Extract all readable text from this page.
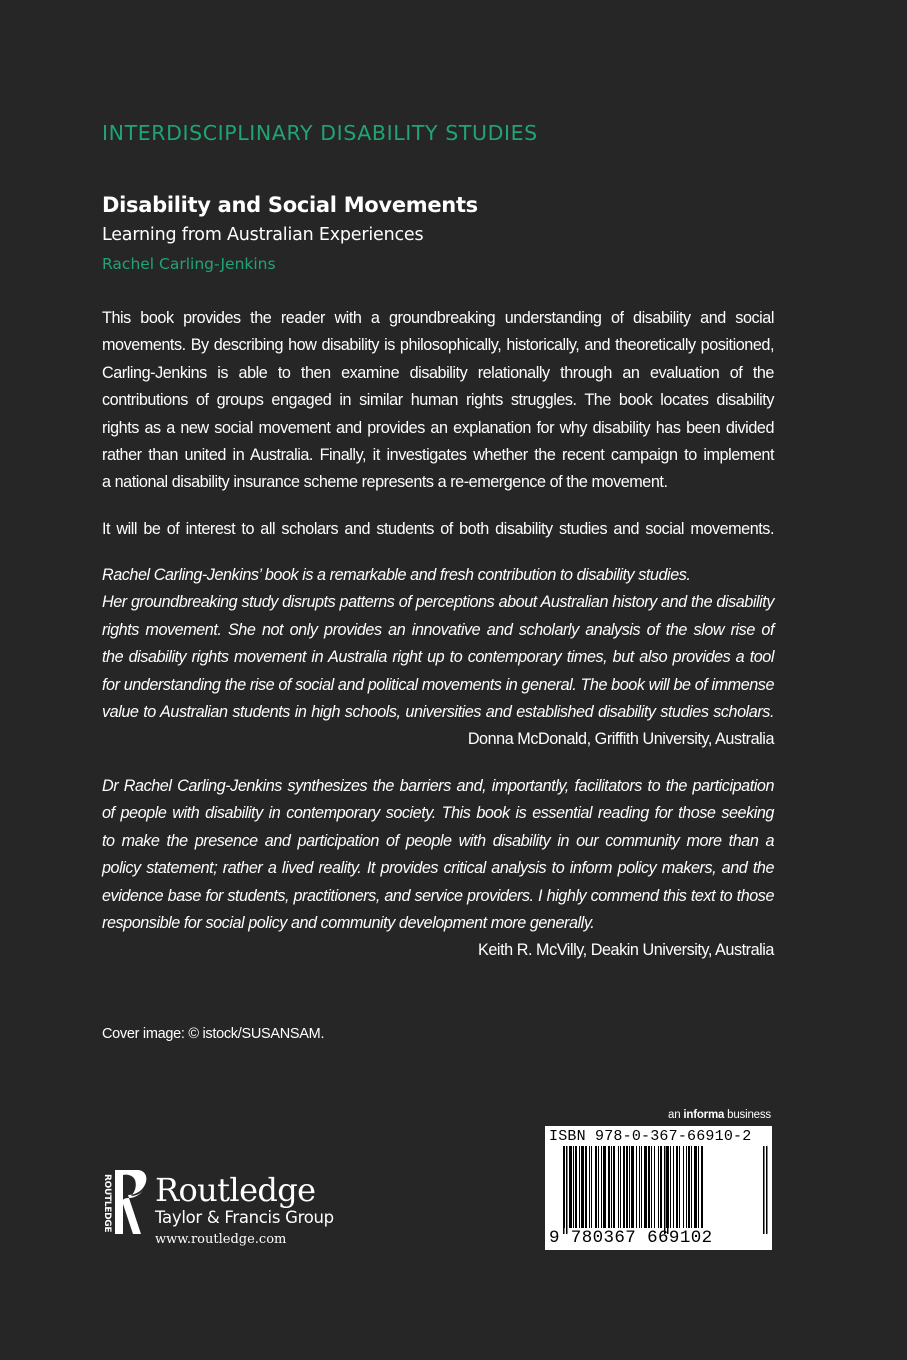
INTERDISCIPLINARY DISABILITY STUDIES
Disability and Social Movements
Learning from Australian Experiences
Rachel Carling-Jenkins
This book provides the reader with a groundbreaking understanding of disability and social
movements. By describing how disability is philosophically, historically, and theoretically positioned,
Carling-Jenkins is able to then examine disability relationally through an evaluation of the
contributions of groups engaged in similar human rights struggles. The book locates disability
rights as a new social movement and provides an explanation for why disability has been divided
rather than united in Australia. Finally, it investigates whether the recent campaign to implement
a national disability insurance scheme represents a re-emergence of the movement.
It will be of interest to all scholars and students of both disability studies and social movements.
Rachel Carling-Jenkins’ book is a remarkable and fresh contribution to disability studies.
Her groundbreaking study disrupts patterns of perceptions about Australian history and the disability
rights movement. She not only provides an innovative and scholarly analysis of the slow rise of
the disability rights movement in Australia right up to contemporary times, but also provides a tool
for understanding the rise of social and political movements in general. The book will be of immense
value to Australian students in high schools, universities and established disability studies scholars.
Donna McDonald, Griffith University, Australia
Dr Rachel Carling-Jenkins synthesizes the barriers and, importantly, facilitators to the participation
of people with disability in contemporary society. This book is essential reading for those seeking
to make the presence and participation of people with disability in our community more than a
policy statement; rather a lived reality. It provides critical analysis to inform policy makers, and the
evidence base for students, practitioners, and service providers. I highly commend this text to those
responsible for social policy and community development more generally.
Keith R. McVilly, Deakin University, Australia
Cover image: © istock/SUSANSAM.
an informa business
ISBN 978-0-367-66910-2
9 780367 669102
ROUTLEDGE Routledge
Taylor & Francis Group
www.routledge.com
